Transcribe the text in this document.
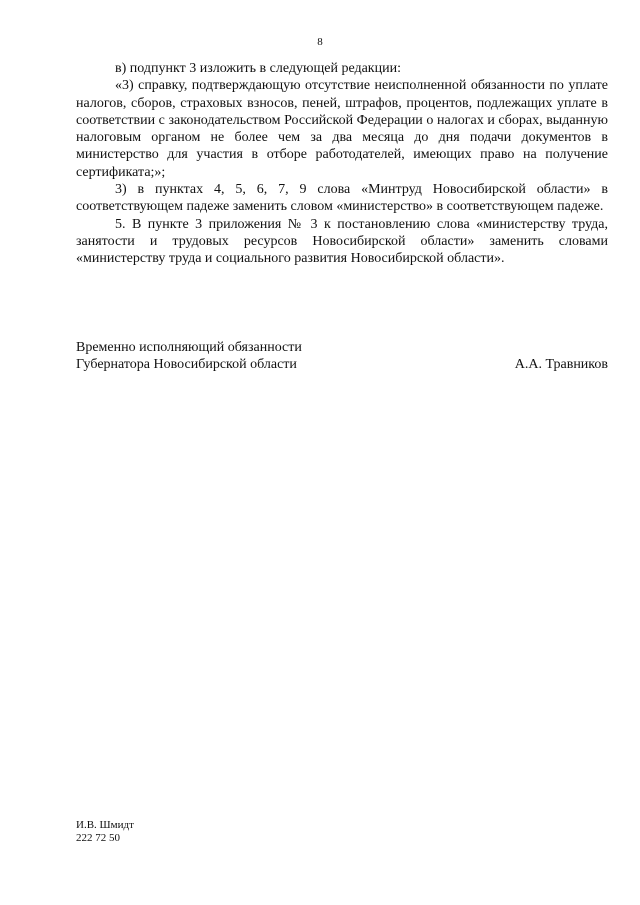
8

в) подпункт 3 изложить в следующей редакции:

«3) справку, подтверждающую отсутствие неисполненной обязанности по уплате налогов, сборов, страховых взносов, пеней, штрафов, процентов, подлежащих уплате в соответствии с законодательством Российской Федерации о налогах и сборах, выданную налоговым органом не более чем за два месяца до дня подачи документов в министерство для участия в отборе работодателей, имеющих право на получение сертификата;»;

3) в пунктах 4, 5, 6, 7, 9 слова «Минтруд Новосибирской области» в соответствующем падеже заменить словом «министерство» в соответствующем падеже.

5. В пункте 3 приложения № 3 к постановлению слова «министерству труда, занятости и трудовых ресурсов Новосибирской области» заменить словами «министерству труда и социального развития Новосибирской области».

Временно исполняющий обязанности
Губернатора Новосибирской области	А.А. Травников
И.В. Шмидт
222 72 50
